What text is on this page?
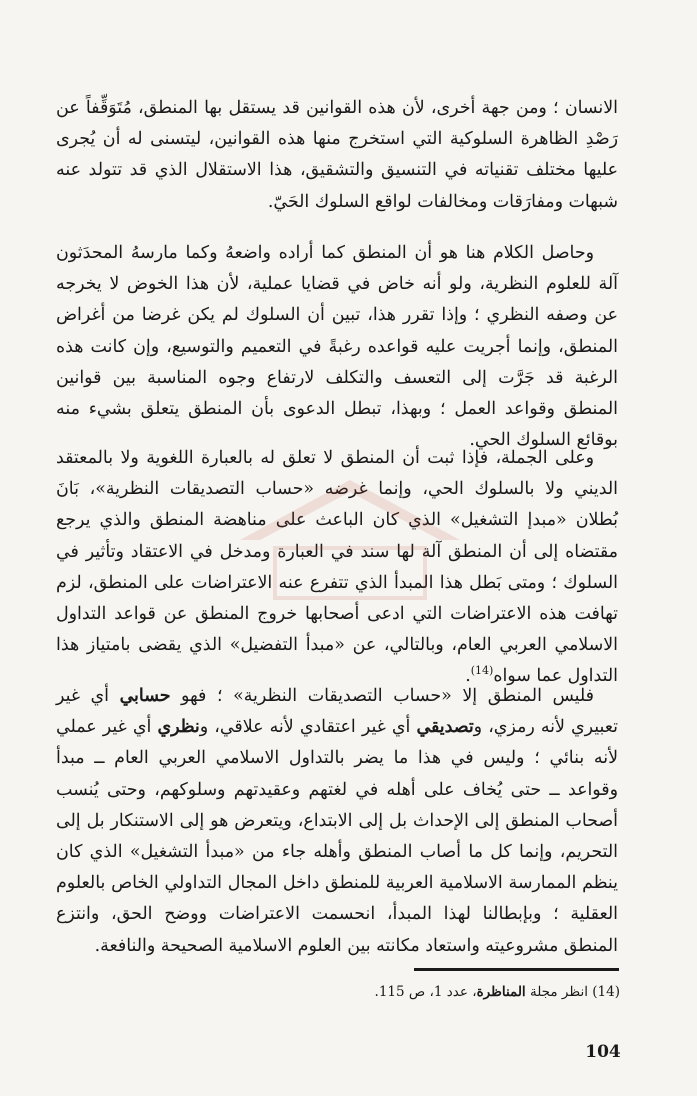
الانسان ؛ ومن جهة أخرى، لأن هذه القوانين قد يستقل بها المنطق، مُتَوَقِّفاً عن رَصْدِ الظاهرة السلوكية التي استخرج منها هذه القوانين، ليتسنى له أن يُجرى عليها مختلف تقنياته في التنسيق والتشقيق، هذا الاستقلال الذي قد تتولد عنه شبهات ومفارَقات ومخالفات لواقع السلوك الحَيّ.

وحاصل الكلام هنا هو أن المنطق كما أراده واضعهُ وكما مارسهُ المحدَثون آلة للعلوم النظرية، ولو أنه خاض في قضايا عملية، لأن هذا الخوض لا يخرجه عن وصفه النظري ؛ وإذا تقرر هذا، تبين أن السلوك لم يكن غرضا من أغراض المنطق، وإنما أجريت عليه قواعده رغبةً في التعميم والتوسيع، وإن كانت هذه الرغبة قد جَرَّت إلى التعسف والتكلف لارتفاع وجوه المناسبة بين قوانين المنطق وقواعد العمل ؛ وبهذا، تبطل الدعوى بأن المنطق يتعلق بشيء منه بوقائع السلوك الحي.

وعلى الجملة، فإذا ثبت أن المنطق لا تعلق له بالعبارة اللغوية ولا بالمعتقد الديني ولا بالسلوك الحي، وإنما غرضه «حساب التصديقات النظرية»، بَانَ بُطلان «مبدإ التشغيل» الذي كان الباعث على مناهضة المنطق والذي يرجع مقتضاه إلى أن المنطق آلة لها سند في العبارة ومدخل في الاعتقاد وتأثير في السلوك ؛ ومتى بَطل هذا المبدأ الذي تتفرع عنه الاعتراضات على المنطق، لزم تهافت هذه الاعتراضات التي ادعى أصحابها خروج المنطق عن قواعد التداول الاسلامي العربي العام، وبالتالي، عن «مبدأ التفضيل» الذي يقضى بامتياز هذا التداول عما سواه$^{(14)}$.

فليس المنطق إلا «حساب التصديقات النظرية» ؛ فهو حسابي أي غير تعبيري لأنه رمزي، وتصديقي أي غير اعتقادي لأنه علاقي، ونظري أي غير عملي لأنه بنائي ؛ وليس في هذا ما يضر بالتداول الاسلامي العربي العام ــ مبدأ وقواعد ــ حتى يُخاف على أهله في لغتهم وعقيدتهم وسلوكهم، وحتى يُنسب أصحاب المنطق إلى الإحداث بل إلى الابتداع، ويتعرض هو إلى الاستنكار بل إلى التحريم، وإنما كل ما أصاب المنطق وأهله جاء من «مبدأ التشغيل» الذي كان ينظم الممارسة الاسلامية العربية للمنطق داخل المجال التداولي الخاص بالعلوم العقلية ؛ وبإبطالنا لهذا المبدأ، انحسمت الاعتراضات ووضح الحق، وانتزع المنطق مشروعيته واستعاد مكانته بين العلوم الاسلامية الصحيحة والنافعة.

(14) انظر مجلة المناظرة، عدد 1، ص 115.
104
